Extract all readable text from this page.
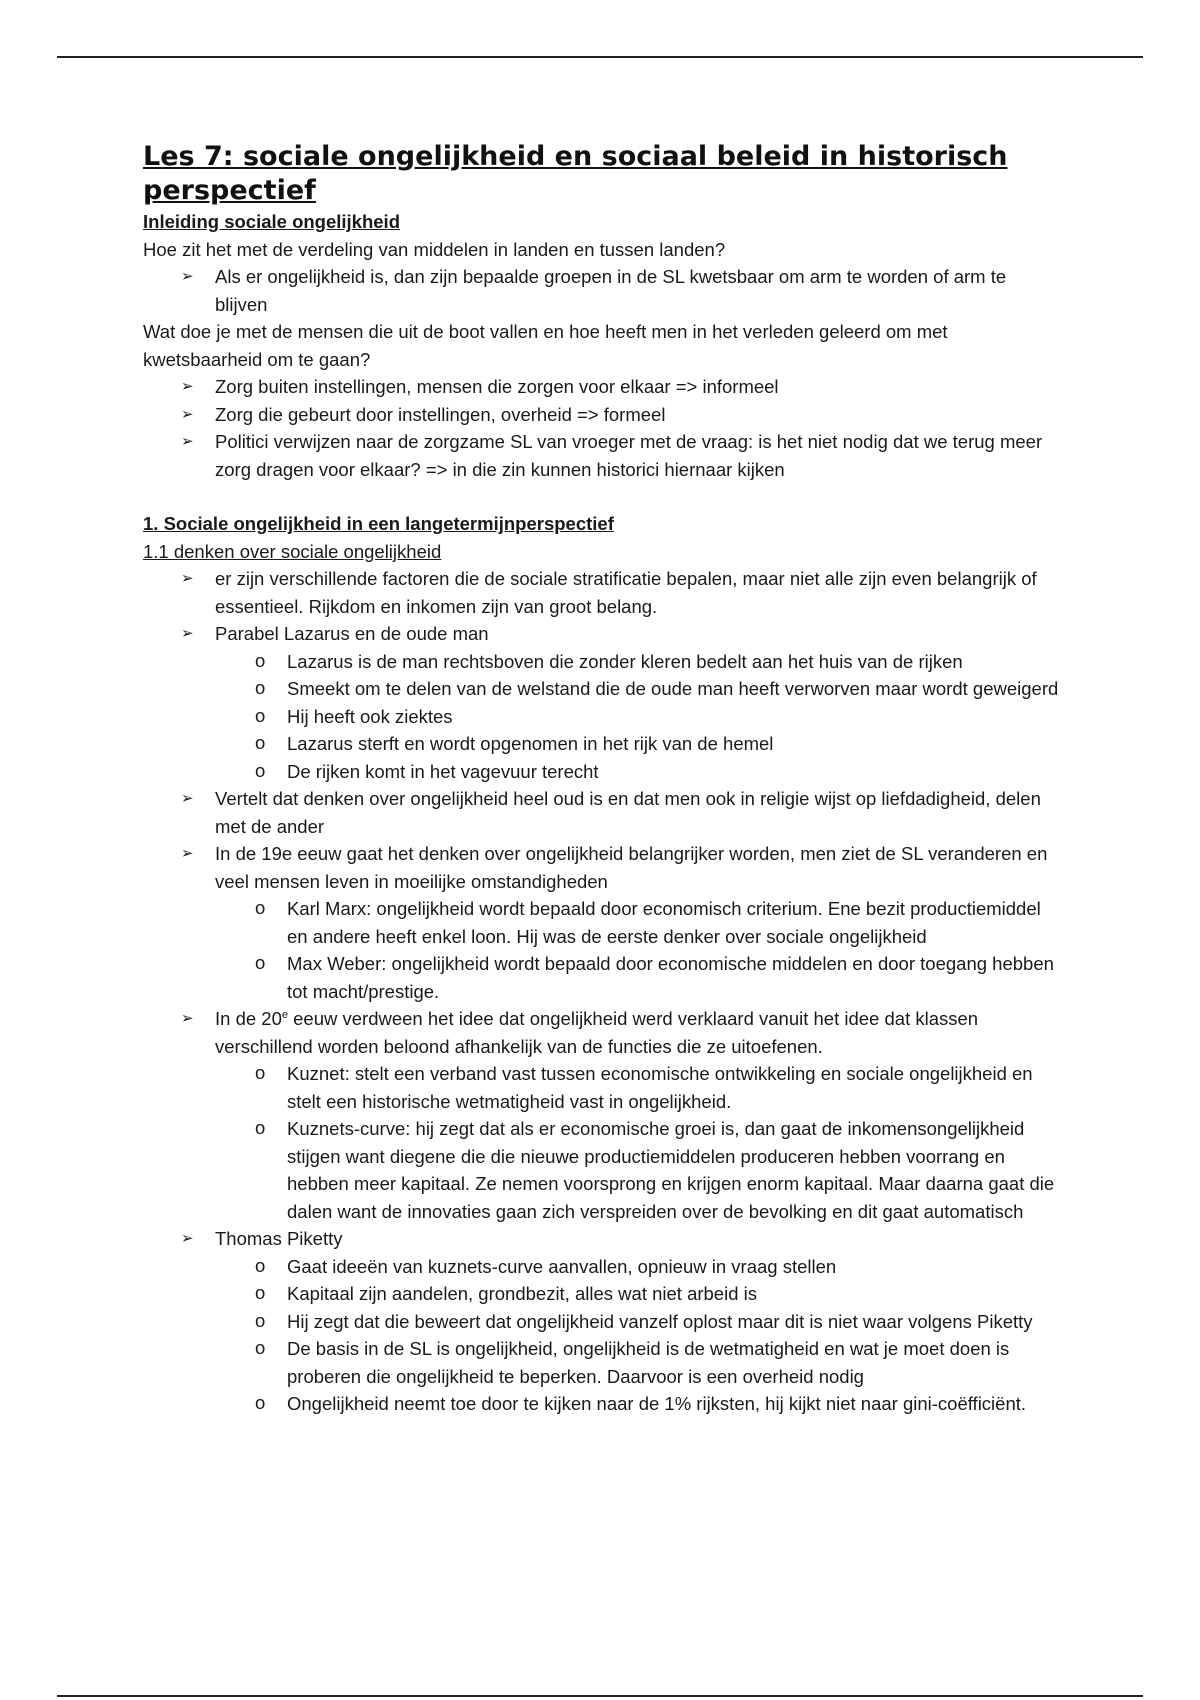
Les 7: sociale ongelijkheid en sociaal beleid in historisch perspectief

Inleiding sociale ongelijkheid

Hoe zit het met de verdeling van middelen in landen en tussen landen?

➢ Als er ongelijkheid is, dan zijn bepaalde groepen in de SL kwetsbaar om arm te worden of arm te blijven

Wat doe je met de mensen die uit de boot vallen en hoe heeft men in het verleden geleerd om met kwetsbaarheid om te gaan?

➢ Zorg buiten instellingen, mensen die zorgen voor elkaar => informeel
➢ Zorg die gebeurt door instellingen, overheid => formeel
➢ Politici verwijzen naar de zorgzame SL van vroeger met de vraag: is het niet nodig dat we terug meer zorg dragen voor elkaar? => in die zin kunnen historici hiernaar kijken

1. Sociale ongelijkheid in een langetermijnperspectief

1.1 denken over sociale ongelijkheid

➢ er zijn verschillende factoren die de sociale stratificatie bepalen, maar niet alle zijn even belangrijk of essentieel. Rijkdom en inkomen zijn van groot belang.
➢ Parabel Lazarus en de oude man
o Lazarus is de man rechtsboven die zonder kleren bedelt aan het huis van de rijken
o Smeekt om te delen van de welstand die de oude man heeft verworven maar wordt geweigerd
o Hij heeft ook ziektes
o Lazarus sterft en wordt opgenomen in het rijk van de hemel
o De rijken komt in het vagevuur terecht
➢ Vertelt dat denken over ongelijkheid heel oud is en dat men ook in religie wijst op liefdadigheid, delen met de ander
➢ In de 19e eeuw gaat het denken over ongelijkheid belangrijker worden, men ziet de SL veranderen en veel mensen leven in moeilijke omstandigheden
o Karl Marx: ongelijkheid wordt bepaald door economisch criterium. Ene bezit productiemiddel en andere heeft enkel loon. Hij was de eerste denker over sociale ongelijkheid
o Max Weber: ongelijkheid wordt bepaald door economische middelen en door toegang hebben tot macht/prestige.
➢ In de 20e eeuw verdween het idee dat ongelijkheid werd verklaard vanuit het idee dat klassen verschillend worden beloond afhankelijk van de functies die ze uitoefenen.
o Kuznet: stelt een verband vast tussen economische ontwikkeling en sociale ongelijkheid en stelt een historische wetmatigheid vast in ongelijkheid.
o Kuznets-curve: hij zegt dat als er economische groei is, dan gaat de inkomensongelijkheid stijgen want diegene die die nieuwe productiemiddelen produceren hebben voorrang en hebben meer kapitaal. Ze nemen voorsprong en krijgen enorm kapitaal. Maar daarna gaat die dalen want de innovaties gaan zich verspreiden over de bevolking en dit gaat automatisch
➢ Thomas Piketty
o Gaat ideeën van kuznets-curve aanvallen, opnieuw in vraag stellen
o Kapitaal zijn aandelen, grondbezit, alles wat niet arbeid is
o Hij zegt dat die beweert dat ongelijkheid vanzelf oplost maar dit is niet waar volgens Piketty
o De basis in de SL is ongelijkheid, ongelijkheid is de wetmatigheid en wat je moet doen is proberen die ongelijkheid te beperken. Daarvoor is een overheid nodig
o Ongelijkheid neemt toe door te kijken naar de 1% rijksten, hij kijkt niet naar gini-coëfficiënt.
